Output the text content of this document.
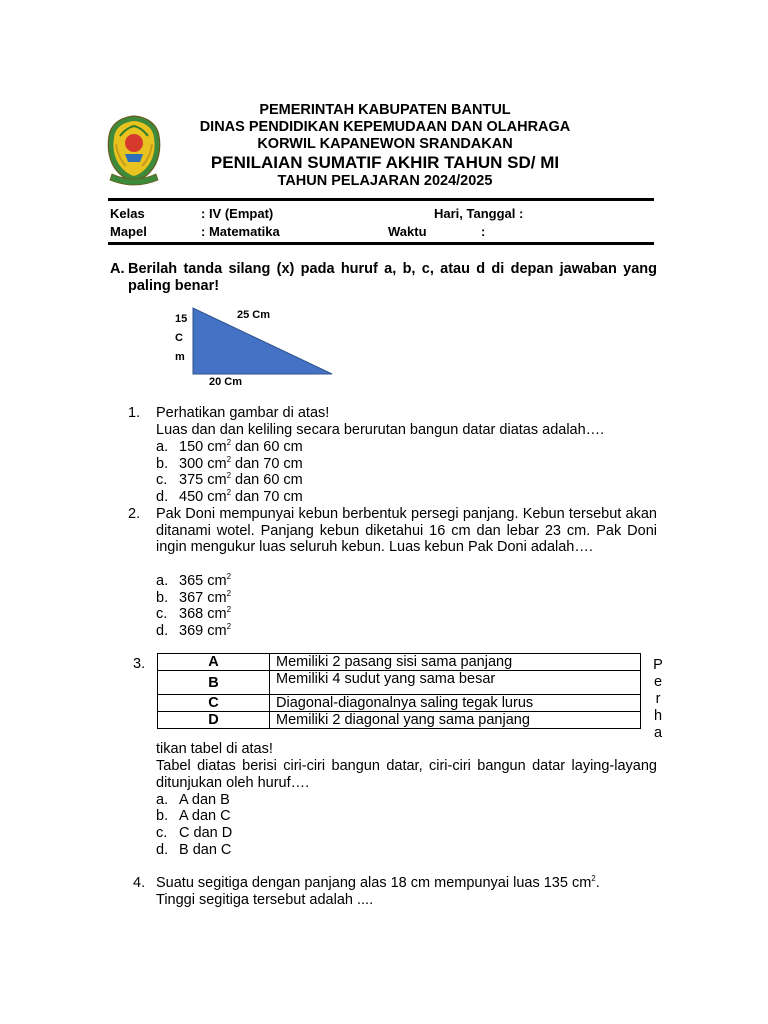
PEMERINTAH KABUPATEN BANTUL
DINAS PENDIDIKAN KEPEMUDAAN DAN OLAHRAGA
KORWIL KAPANEWON SRANDAKAN
PENILAIAN SUMATIF AKHIR TAHUN SD/ MI
TAHUN PELAJARAN 2024/2025
Kelas	: IV (Empat)	Hari, Tanggal :
Mapel	: Matematika	Waktu	:
A. Berilah tanda silang (x) pada huruf a, b, c, atau d di depan jawaban yang paling benar!
15
C
m
25 Cm
20 Cm
1. Perhatikan gambar di atas!
Luas dan dan keliling secara berurutan bangun datar diatas adalah….
a. 150 $cm^2$ dan 60 cm
b. 300 $cm^2$ dan 70 cm
c. 375 $cm^2$ dan 60 cm
d. 450 $cm^2$ dan 70 cm
2. Pak Doni mempunyai kebun berbentuk persegi panjang. Kebun tersebut akan ditanami wotel. Panjang kebun diketahui 16 cm dan lebar 23 cm. Pak Doni ingin mengukur luas seluruh kebun. Luas kebun Pak Doni adalah….
a. 365 $cm^2$
b. 367 $cm^2$
c. 368 $cm^2$
d. 369 $cm^2$
3.	A	Memiliki 2 pasang sisi sama panjang
B	Memiliki 4 sudut yang sama besar
C	Diagonal-diagonalnya saling tegak lurus
D	Memiliki 2 diagonal yang sama panjang
P
e
r
h
a
tikan tabel di atas!
Tabel diatas berisi ciri-ciri bangun datar, ciri-ciri bangun datar laying-layang ditunjukan oleh huruf….
a. A dan B
b. A dan C
c. C dan D
d. B dan C
4. Suatu segitiga dengan panjang alas 18 cm mempunyai luas 135 $cm^2$.
Tinggi segitiga tersebut adalah ....
